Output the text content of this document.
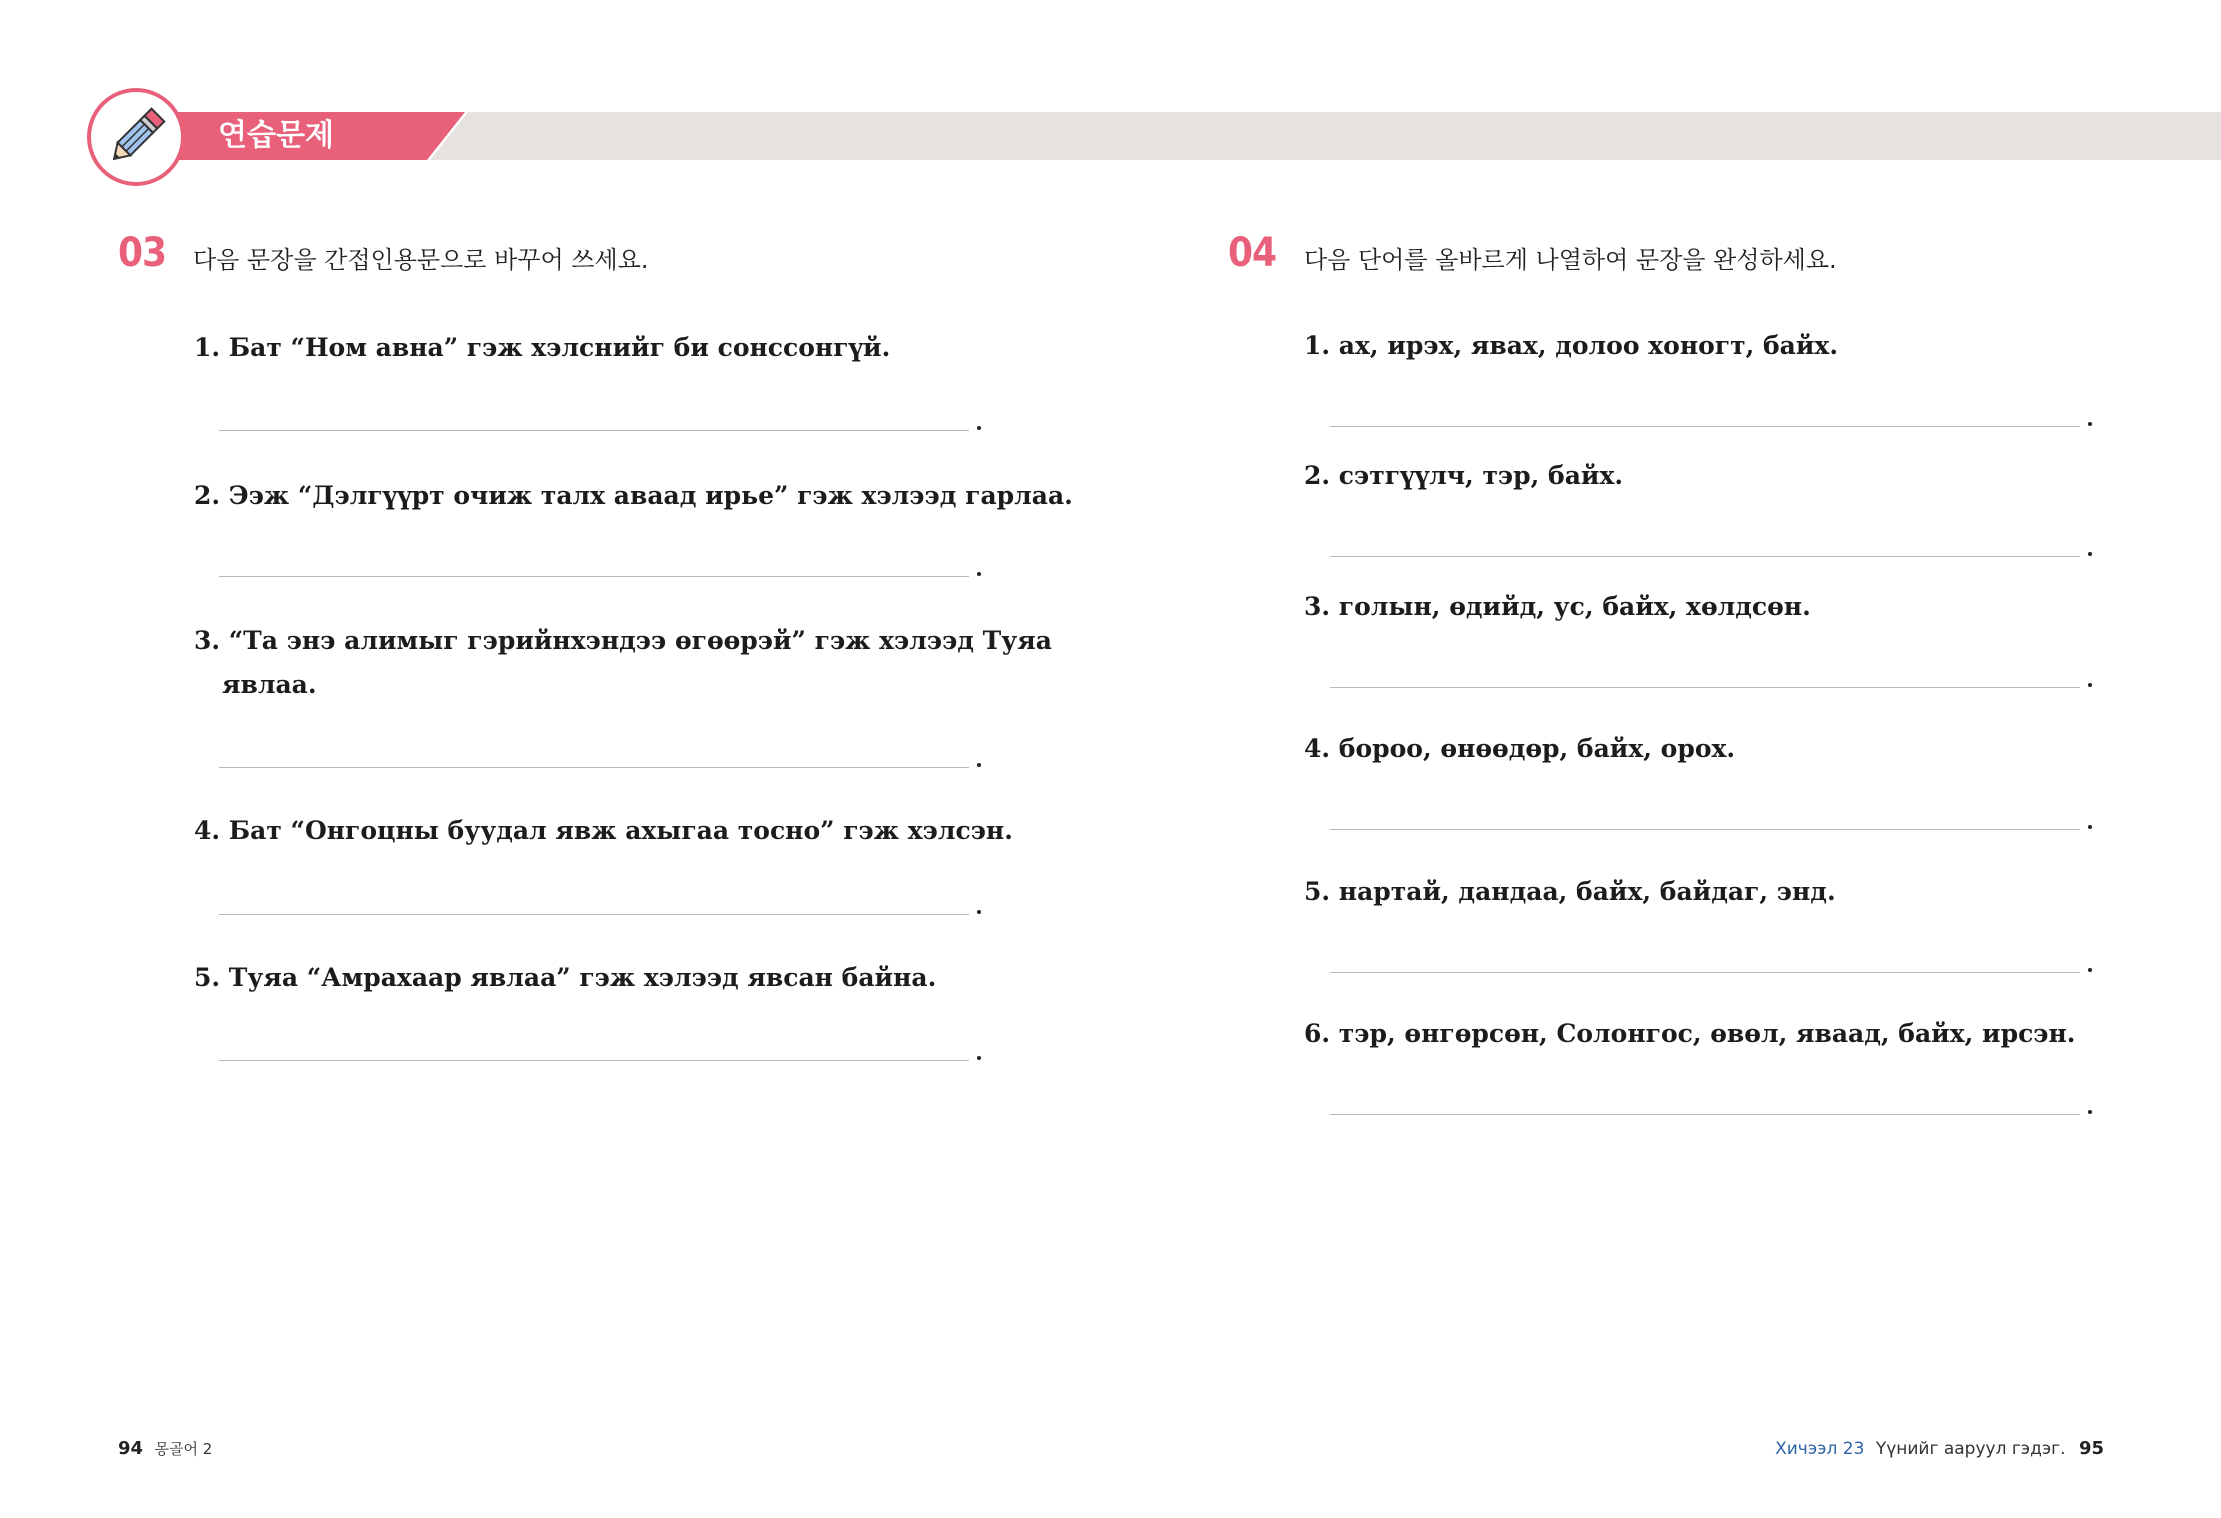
연습문제
03 다음 문장을 간접인용문으로 바꾸어 쓰세요.
1. Бат “Ном авна” гэж хэлснийг би сонссонгүй.
2. Ээж “Дэлгүүрт очиж талх аваад ирье” гэж хэлээд гарлаа.
3. “Та энэ алимыг гэрийнхэндээ өгөөрэй” гэж хэлээд Туяа
явлаа.
4. Бат “Онгоцны буудал явж ахыгаа тосно” гэж хэлсэн.
5. Туяа “Амрахаар явлаа” гэж хэлээд явсан байна.
04 다음 단어를 올바르게 나열하여 문장을 완성하세요.
1. ах, ирэх, явах, долоо хоногт, байх.
2. сэтгүүлч, тэр, байх.
3. голын, өдийд, ус, байх, хөлдсөн.
4. бороо, өнөөдөр, байх, орох.
5. нартай, дандаа, байх, байдаг, энд.
6. тэр, өнгөрсөн, Солонгос, өвөл, яваад, байх, ирсэн.
94 몽골어 2	Хичээл 23 Үүнийг aаруул гэдэг. 95
